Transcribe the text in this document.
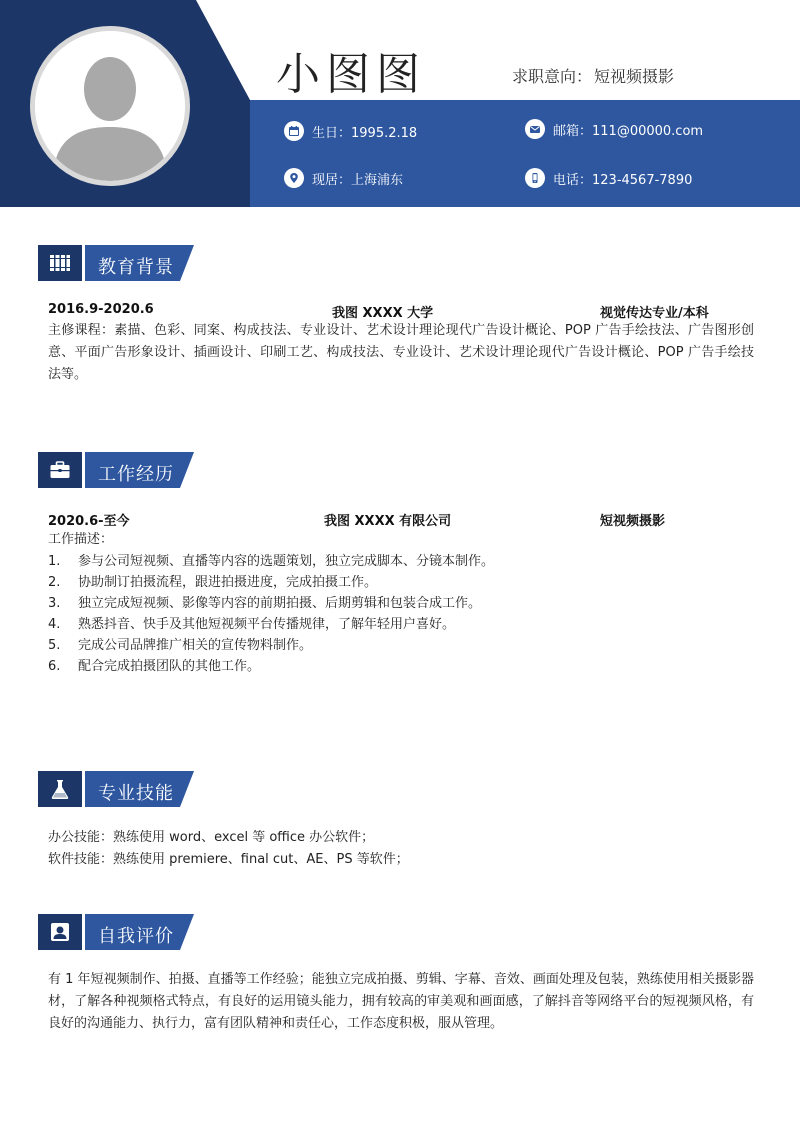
小图图	求职意向： 短视频摄影
生日：1995.2.18	邮箱：111@00000.com
现居：上海浦东	电话：123-4567-7890
教育背景
2016.9-2020.6	我图 XXXX 大学	视觉传达专业/本科
主修课程：素描、色彩、同案、构成技法、专业设计、艺术设计理论现代广告设计概论、POP 广告手绘技法、广告图形创意、平面广告形象设计、插画设计、印刷工艺、构成技法、专业设计、艺术设计理论现代广告设计概论、POP 广告手绘技法等。
工作经历
2020.6-至今	我图 XXXX 有限公司	短视频摄影
工作描述：
1. 参与公司短视频、直播等内容的选题策划，独立完成脚本、分镜本制作。
2. 协助制订拍摄流程，跟进拍摄进度，完成拍摄工作。
3. 独立完成短视频、影像等内容的前期拍摄、后期剪辑和包装合成工作。
4. 熟悉抖音、快手及其他短视频平台传播规律，了解年轻用户喜好。
5. 完成公司品牌推广相关的宣传物料制作。
6. 配合完成拍摄团队的其他工作。
专业技能
办公技能：熟练使用 word、excel 等 office 办公软件；
软件技能：熟练使用 premiere、final cut、AE、PS 等软件；
自我评价
有 1 年短视频制作、拍摄、直播等工作经验；能独立完成拍摄、剪辑、字幕、音效、画面处理及包装，熟练使用相关摄影器材，了解各种视频格式特点，有良好的运用镜头能力，拥有较高的审美观和画面感，了解抖音等网络平台的短视频风格，有良好的沟通能力、执行力，富有团队精神和责任心，工作态度积极，服从管理。
